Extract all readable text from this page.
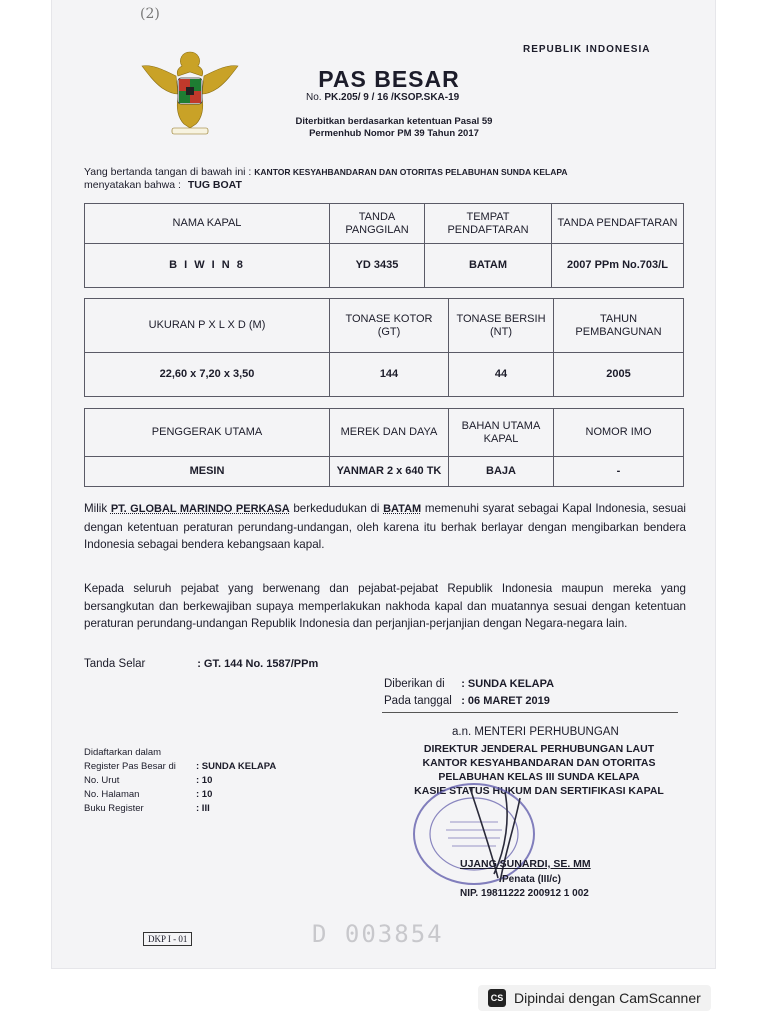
(2)
REPUBLIK INDONESIA
PAS BESAR
No. PK.205/ 9 / 16 /KSOP.SKA-19
Diterbitkan berdasarkan ketentuan Pasal 59
Permenhub Nomor PM 39 Tahun 2017
Yang bertanda tangan di bawah ini : KANTOR KESYAHBANDARAN DAN OTORITAS PELABUHAN SUNDA KELAPA
menyatakan bahwa : TUG BOAT
NAMA KAPAL	TANDA PANGGILAN	TEMPAT PENDAFTARAN	TANDA PENDAFTARAN
B I W I N 8	YD 3435	BATAM	2007 PPm No.703/L
UKURAN P X L X D (M)	TONASE KOTOR (GT)	TONASE BERSIH (NT)	TAHUN PEMBANGUNAN
22,60 x 7,20 x 3,50	144	44	2005
PENGGERAK UTAMA	MEREK DAN DAYA	BAHAN UTAMA KAPAL	NOMOR IMO
MESIN	YANMAR 2 x 640 TK	BAJA	-
Milik PT. GLOBAL MARINDO PERKASA berkedudukan di BATAM memenuhi syarat sebagai Kapal Indonesia, sesuai dengan ketentuan peraturan perundang-undangan, oleh karena itu berhak berlayar dengan mengibarkan bendera Indonesia sebagai bendera kebangsaan kapal.
Kepada seluruh pejabat yang berwenang dan pejabat-pejabat Republik Indonesia maupun mereka yang bersangkutan dan berkewajiban supaya memperlakukan nakhoda kapal dan muatannya sesuai dengan ketentuan peraturan perundang-undangan Republik Indonesia dan perjanjian-perjanjian dengan Negara-negara lain.
Tanda Selar	: GT. 144 No. 1587/PPm
Diberikan di : SUNDA KELAPA
Pada tanggal : 06 MARET 2019
Didaftarkan dalam
Register Pas Besar di : SUNDA KELAPA
No. Urut	: 10
No. Halaman	: 10
Buku Register	: III
a.n. MENTERI PERHUBUNGAN
DIREKTUR JENDERAL PERHUBUNGAN LAUT
KANTOR KESYAHBANDARAN DAN OTORITAS
PELABUHAN KELAS III SUNDA KELAPA
KASIE STATUS HUKUM DAN SERTIFIKASI KAPAL
UJANG SUNARDI, SE. MM
Penata (III/c)
NIP. 19811222 200912 1 002
DKP I - 01	D 003854
CS Dipindai dengan CamScanner
